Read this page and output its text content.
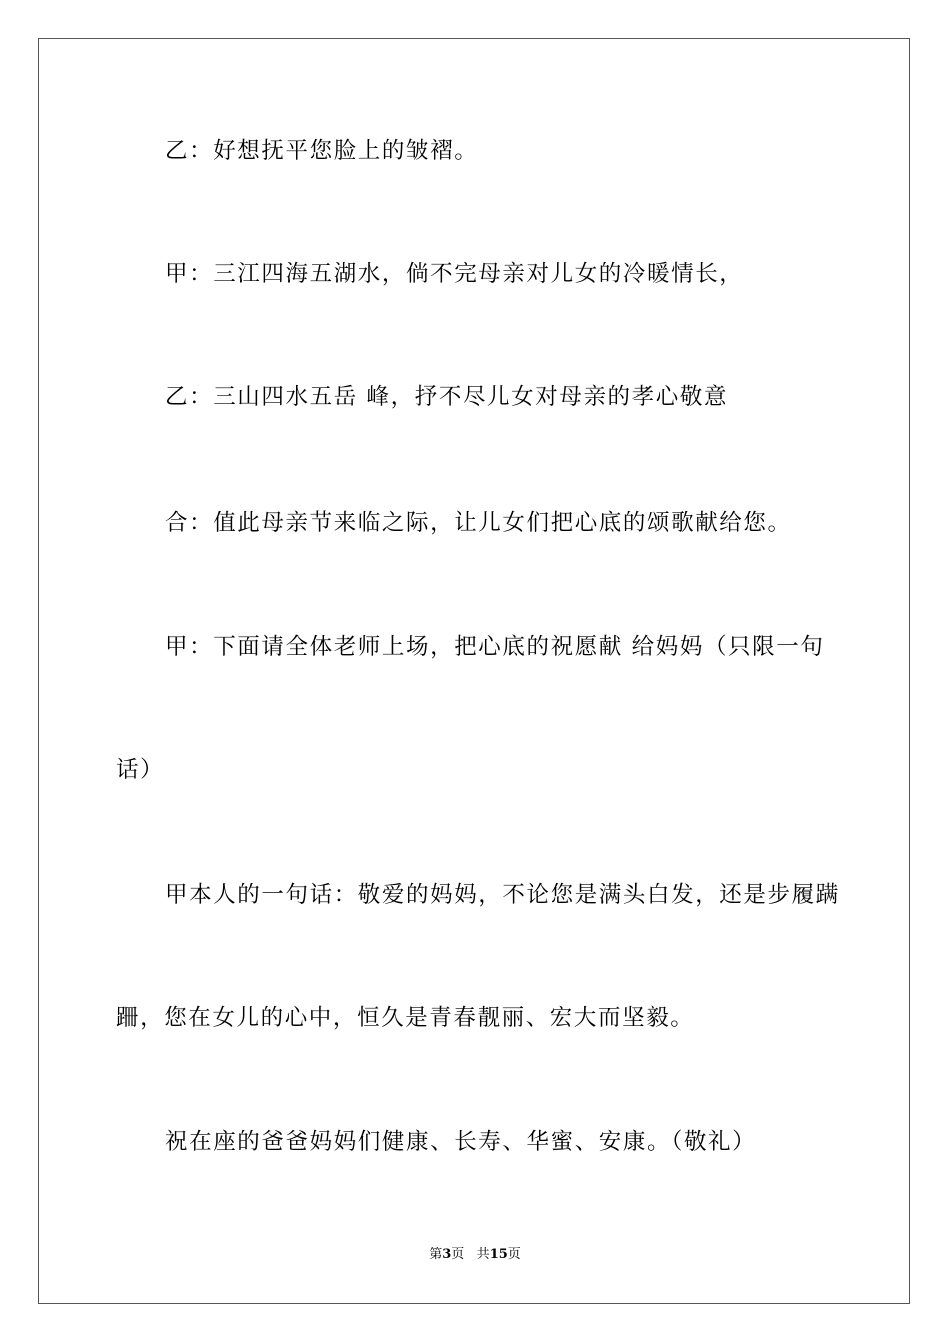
乙：好想抚平您脸上的皱褶。
甲：三江四海五湖水，倘不完母亲对儿女的冷暖情长，
乙：三山四水五岳 峰，抒不尽儿女对母亲的孝心敬意
合：值此母亲节来临之际，让儿女们把心底的颂歌献给您。
甲：下面请全体老师上场，把心底的祝愿献 给妈妈（只限一句
话）
甲本人的一句话：敬爱的妈妈，不论您是满头白发，还是步履蹒
跚，您在女儿的心中，恒久是青春靓丽、宏大而坚毅。
祝在座的爸爸妈妈们健康、长寿、华蜜、安康。（敬礼）
第3页 共15页
